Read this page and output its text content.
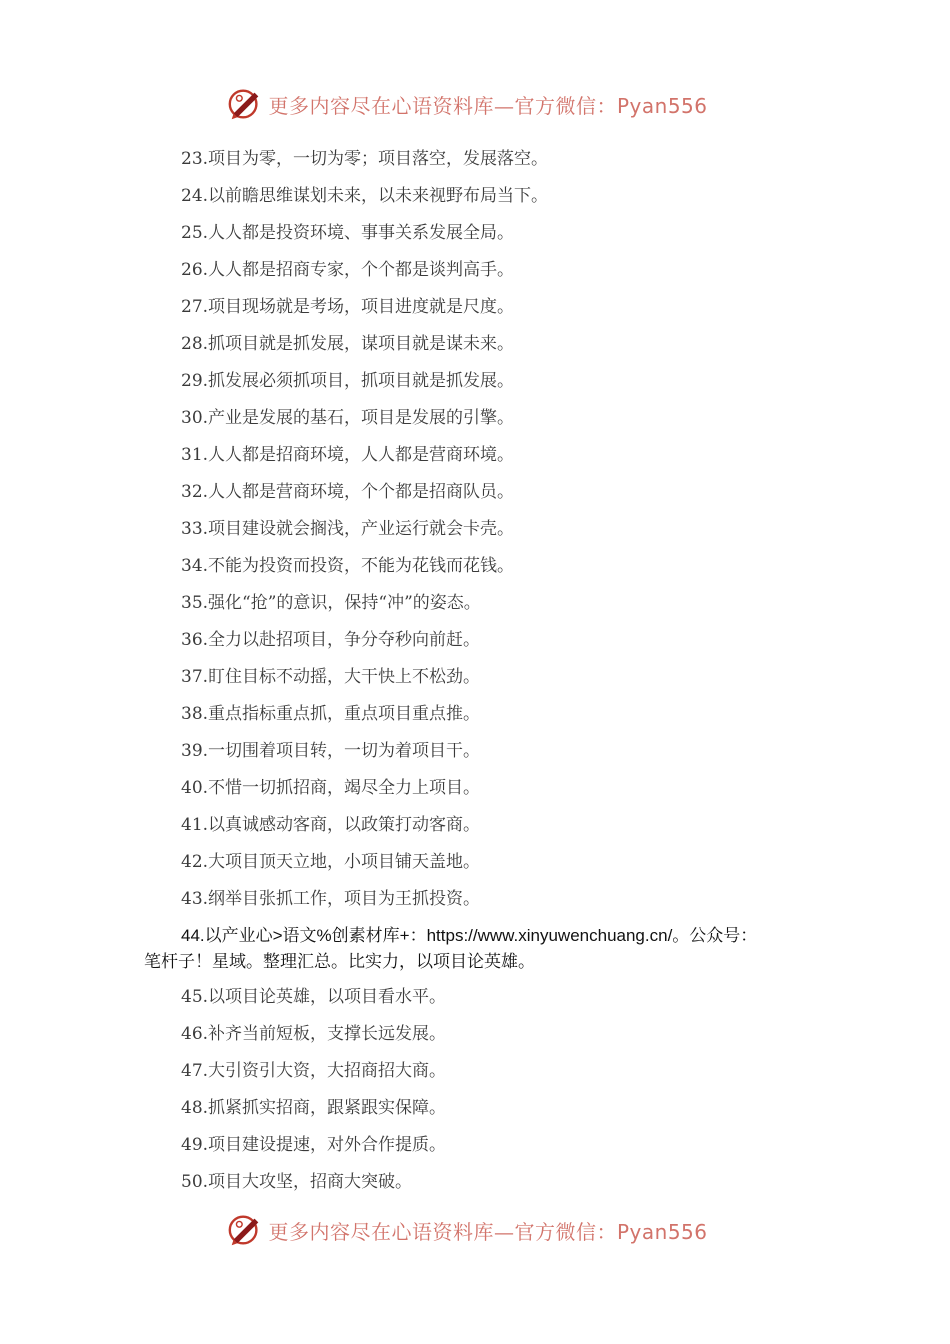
更多内容尽在心语资料库—官方微信：Pyan556
23.项目为零，一切为零；项目落空，发展落空。
24.以前瞻思维谋划未来，以未来视野布局当下。
25.人人都是投资环境、事事关系发展全局。
26.人人都是招商专家，个个都是谈判高手。
27.项目现场就是考场，项目进度就是尺度。
28.抓项目就是抓发展，谋项目就是谋未来。
29.抓发展必须抓项目，抓项目就是抓发展。
30.产业是发展的基石，项目是发展的引擎。
31.人人都是招商环境，人人都是营商环境。
32.人人都是营商环境，个个都是招商队员。
33.项目建设就会搁浅，产业运行就会卡壳。
34.不能为投资而投资，不能为花钱而花钱。
35.强化“抢”的意识，保持“冲”的姿态。
36.全力以赴招项目，争分夺秒向前赶。
37.盯住目标不动摇，大干快上不松劲。
38.重点指标重点抓，重点项目重点推。
39.一切围着项目转，一切为着项目干。
40.不惜一切抓招商，竭尽全力上项目。
41.以真诚感动客商，以政策打动客商。
42.大项目顶天立地，小项目铺天盖地。
43.纲举目张抓工作，项目为王抓投资。
44.以产业心>语文%创素材库+：https://www.xinyuwenchuang.cn/。公众号：
笔杆子！星域。整理汇总。比实力，以项目论英雄。
45.以项目论英雄，以项目看水平。
46.补齐当前短板，支撑长远发展。
47.大引资引大资，大招商招大商。
48.抓紧抓实招商，跟紧跟实保障。
49.项目建设提速，对外合作提质。
50.项目大攻坚，招商大突破。
更多内容尽在心语资料库—官方微信：Pyan556
